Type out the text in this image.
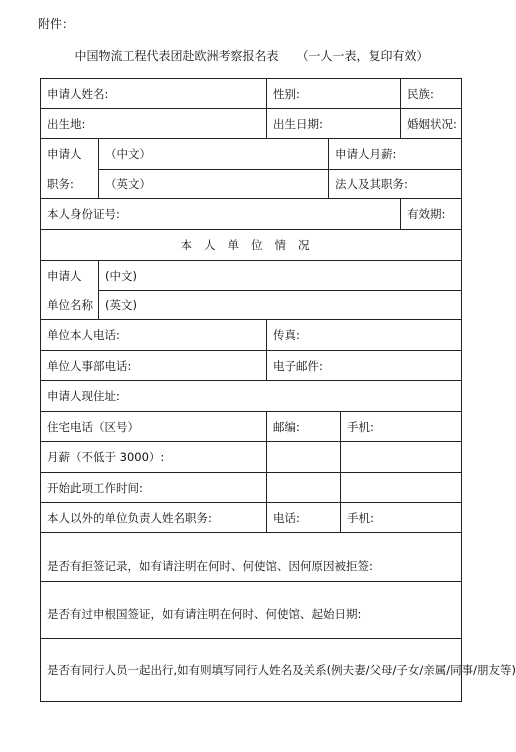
附件：
中国物流工程代表团赴欧洲考察报名表 （一人一表，复印有效）
申请人姓名:		性别:			民族:
出生地:		出生日期:			婚姻状况:
申请人	（中文）		申请人月薪:		
职务:	（英文）		法人及其职务:		
本人身份证号:					有效期:
本人单位情况					
申请人	(中文)				
单位名称	(英文)				
单位本人电话:		传真:			
单位人事部电话:		电子邮件:			
申请人现住址:					
住宅电话（区号）		邮编:		手机:	
月薪（不低于 3000）:					
开始此项工作时间:					
本人以外的单位负责人姓名职务:		电话:		手机:	
是否有拒签记录，如有请注明在何时、何使馆、因何原因被拒签:					
是否有过申根国签证，如有请注明在何时、何使馆、起始日期:					
是否有同行人员一起出行,如有则填写同行人姓名及关系(例夫妻/父母/子女/亲属/同事/朋友等)					
